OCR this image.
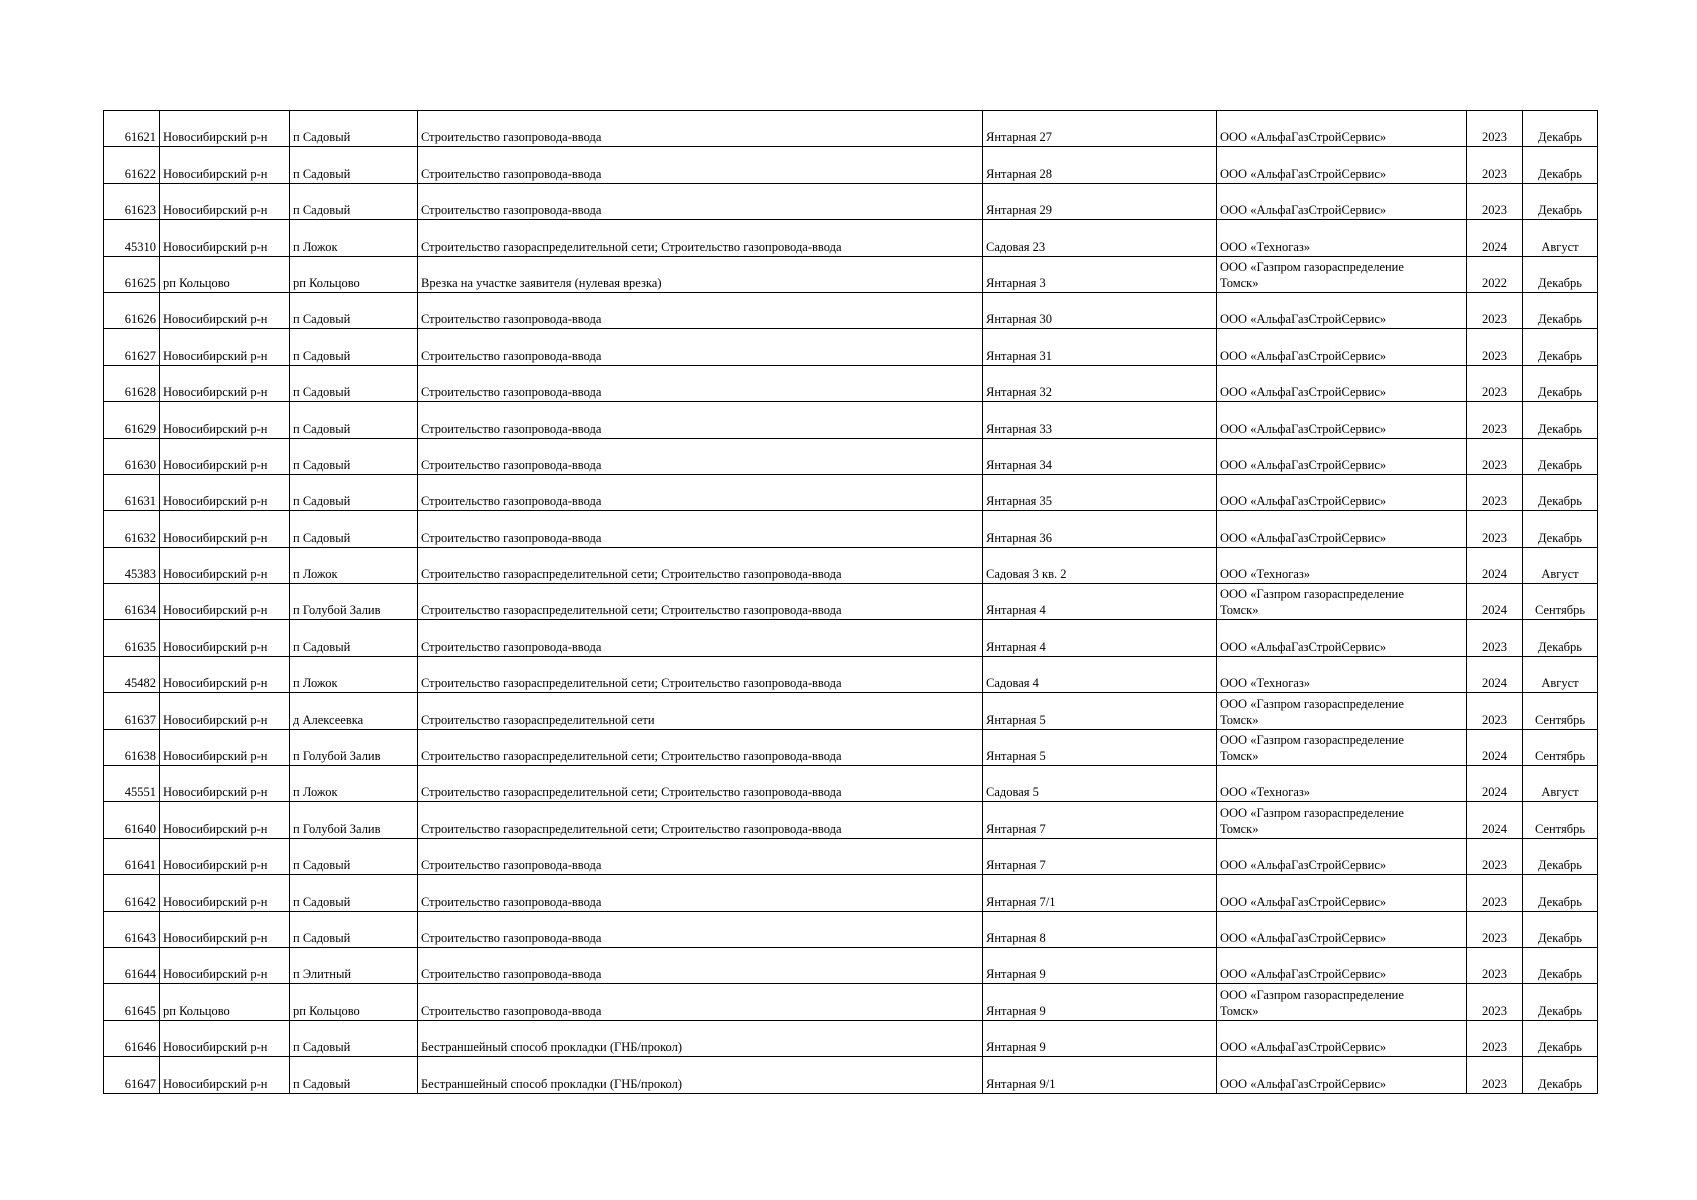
61621	Новосибирский р-н	п Садовый	Строительство газопровода-ввода	Янтарная 27	ООО «АльфаГазСтройСервис»	2023	Декабрь
61622	Новосибирский р-н	п Садовый	Строительство газопровода-ввода	Янтарная 28	ООО «АльфаГазСтройСервис»	2023	Декабрь
61623	Новосибирский р-н	п Садовый	Строительство газопровода-ввода	Янтарная 29	ООО «АльфаГазСтройСервис»	2023	Декабрь
45310	Новосибирский р-н	п Ложок	Строительство газораспределительной сети; Строительство газопровода-ввода	Садовая 23	ООО «Техногаз»	2024	Август
61625	рп Кольцово	рп Кольцово	Врезка на участке заявителя (нулевая врезка)	Янтарная 3	ООО «Газпром газораспределение Томск»	2022	Декабрь
61626	Новосибирский р-н	п Садовый	Строительство газопровода-ввода	Янтарная 30	ООО «АльфаГазСтройСервис»	2023	Декабрь
61627	Новосибирский р-н	п Садовый	Строительство газопровода-ввода	Янтарная 31	ООО «АльфаГазСтройСервис»	2023	Декабрь
61628	Новосибирский р-н	п Садовый	Строительство газопровода-ввода	Янтарная 32	ООО «АльфаГазСтройСервис»	2023	Декабрь
61629	Новосибирский р-н	п Садовый	Строительство газопровода-ввода	Янтарная 33	ООО «АльфаГазСтройСервис»	2023	Декабрь
61630	Новосибирский р-н	п Садовый	Строительство газопровода-ввода	Янтарная 34	ООО «АльфаГазСтройСервис»	2023	Декабрь
61631	Новосибирский р-н	п Садовый	Строительство газопровода-ввода	Янтарная 35	ООО «АльфаГазСтройСервис»	2023	Декабрь
61632	Новосибирский р-н	п Садовый	Строительство газопровода-ввода	Янтарная 36	ООО «АльфаГазСтройСервис»	2023	Декабрь
45383	Новосибирский р-н	п Ложок	Строительство газораспределительной сети; Строительство газопровода-ввода	Садовая 3 кв. 2	ООО «Техногаз»	2024	Август
61634	Новосибирский р-н	п Голубой Залив	Строительство газораспределительной сети; Строительство газопровода-ввода	Янтарная 4	ООО «Газпром газораспределение Томск»	2024	Сентябрь
61635	Новосибирский р-н	п Садовый	Строительство газопровода-ввода	Янтарная 4	ООО «АльфаГазСтройСервис»	2023	Декабрь
45482	Новосибирский р-н	п Ложок	Строительство газораспределительной сети; Строительство газопровода-ввода	Садовая 4	ООО «Техногаз»	2024	Август
61637	Новосибирский р-н	д Алексеевка	Строительство газораспределительной сети	Янтарная 5	ООО «Газпром газораспределение Томск»	2023	Сентябрь
61638	Новосибирский р-н	п Голубой Залив	Строительство газораспределительной сети; Строительство газопровода-ввода	Янтарная 5	ООО «Газпром газораспределение Томск»	2024	Сентябрь
45551	Новосибирский р-н	п Ложок	Строительство газораспределительной сети; Строительство газопровода-ввода	Садовая 5	ООО «Техногаз»	2024	Август
61640	Новосибирский р-н	п Голубой Залив	Строительство газораспределительной сети; Строительство газопровода-ввода	Янтарная 7	ООО «Газпром газораспределение Томск»	2024	Сентябрь
61641	Новосибирский р-н	п Садовый	Строительство газопровода-ввода	Янтарная 7	ООО «АльфаГазСтройСервис»	2023	Декабрь
61642	Новосибирский р-н	п Садовый	Строительство газопровода-ввода	Янтарная 7/1	ООО «АльфаГазСтройСервис»	2023	Декабрь
61643	Новосибирский р-н	п Садовый	Строительство газопровода-ввода	Янтарная 8	ООО «АльфаГазСтройСервис»	2023	Декабрь
61644	Новосибирский р-н	п Элитный	Строительство газопровода-ввода	Янтарная 9	ООО «АльфаГазСтройСервис»	2023	Декабрь
61645	рп Кольцово	рп Кольцово	Строительство газопровода-ввода	Янтарная 9	ООО «Газпром газораспределение Томск»	2023	Декабрь
61646	Новосибирский р-н	п Садовый	Бестраншейный способ прокладки (ГНБ/прокол)	Янтарная 9	ООО «АльфаГазСтройСервис»	2023	Декабрь
61647	Новосибирский р-н	п Садовый	Бестраншейный способ прокладки (ГНБ/прокол)	Янтарная 9/1	ООО «АльфаГазСтройСервис»	2023	Декабрь
